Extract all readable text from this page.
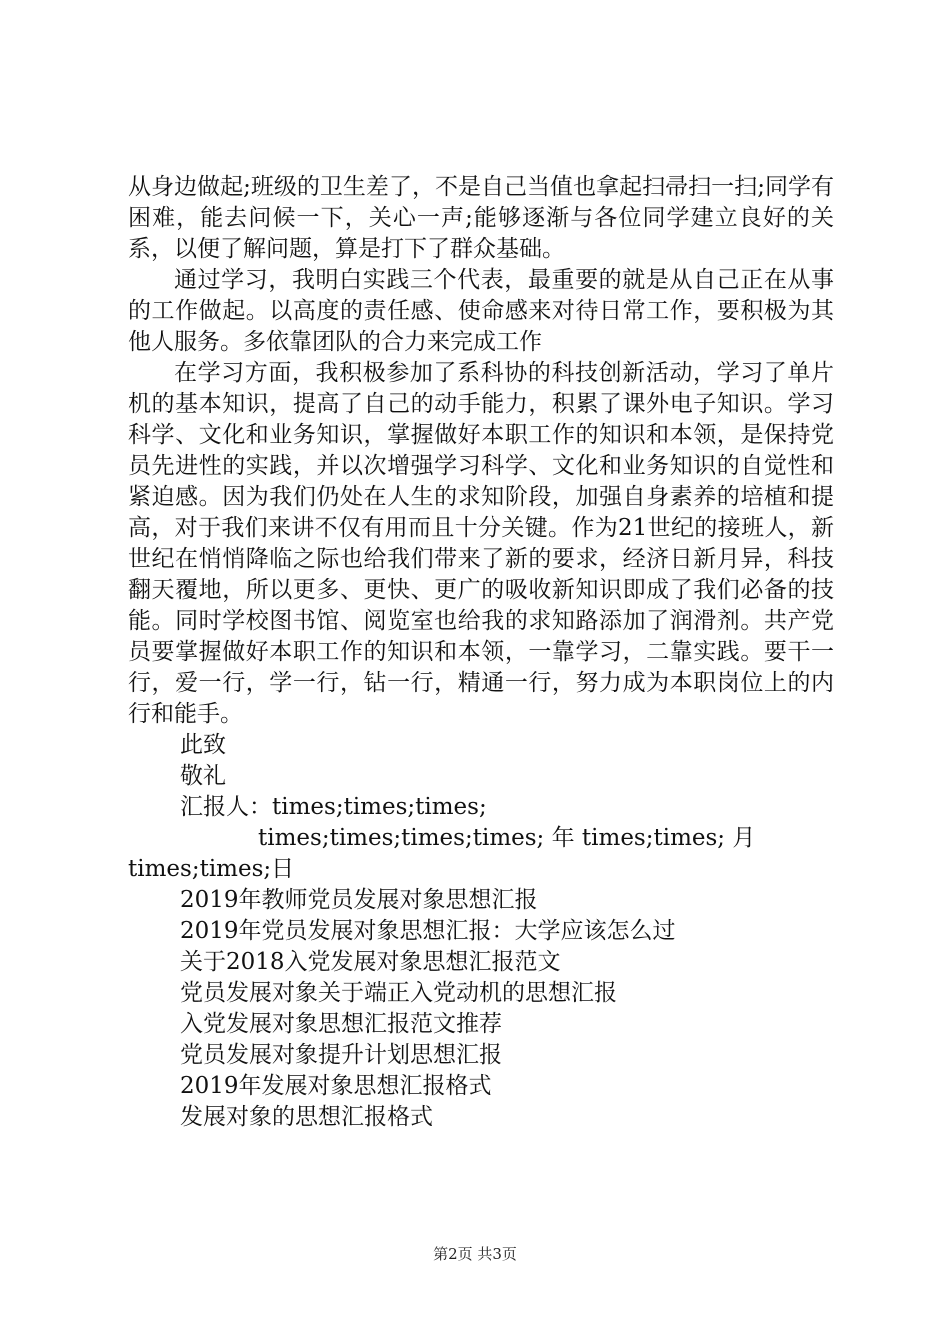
从身边做起;班级的卫生差了，不是自己当值也拿起扫帚扫一扫;同学有困难，能去问候一下，关心一声;能够逐渐与各位同学建立良好的关系，以便了解问题，算是打下了群众基础。

通过学习，我明白实践三个代表，最重要的就是从自己正在从事的工作做起。以高度的责任感、使命感来对待日常工作，要积极为其他人服务。多依靠团队的合力来完成工作

在学习方面，我积极参加了系科协的科技创新活动，学习了单片机的基本知识，提高了自己的动手能力，积累了课外电子知识。学习科学、文化和业务知识，掌握做好本职工作的知识和本领，是保持党员先进性的实践，并以次增强学习科学、文化和业务知识的自觉性和紧迫感。因为我们仍处在人生的求知阶段，加强自身素养的培植和提高，对于我们来讲不仅有用而且十分关键。作为21世纪的接班人，新世纪在悄悄降临之际也给我们带来了新的要求，经济日新月异，科技翻天覆地，所以更多、更快、更广的吸收新知识即成了我们必备的技能。同时学校图书馆、阅览室也给我的求知路添加了润滑剂。共产党员要掌握做好本职工作的知识和本领，一靠学习，二靠实践。要干一行，爱一行，学一行，钻一行，精通一行，努力成为本职岗位上的内行和能手。

此致

敬礼

汇报人：times;times;times;

times;times;times;times; 年 times;times; 月 times;times;日

2019年教师党员发展对象思想汇报
2019年党员发展对象思想汇报：大学应该怎么过
关于2018入党发展对象思想汇报范文
党员发展对象关于端正入党动机的思想汇报
入党发展对象思想汇报范文推荐
党员发展对象提升计划思想汇报
2019年发展对象思想汇报格式
发展对象的思想汇报格式
第2页 共3页
